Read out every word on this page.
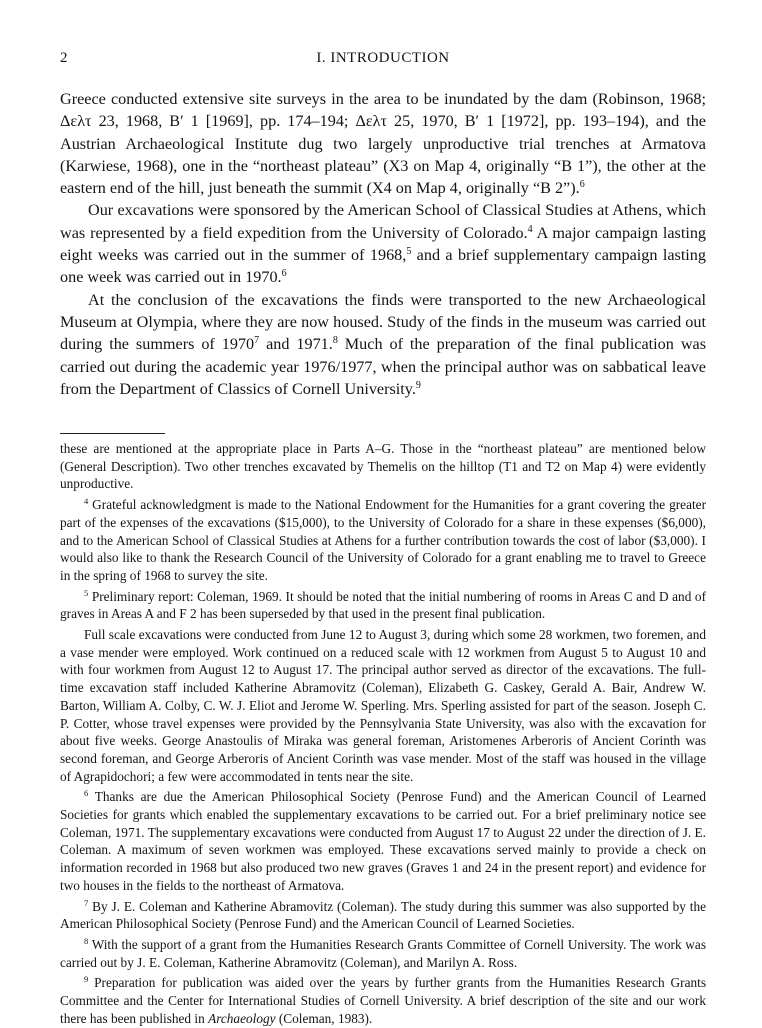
2	I. INTRODUCTION

Greece conducted extensive site surveys in the area to be inundated by the dam (Robinson, 1968; Δελτ 23, 1968, Β′ 1 [1969], pp. 174–194; Δελτ 25, 1970, Β′ 1 [1972], pp. 193–194), and the Austrian Archaeological Institute dug two largely unproductive trial trenches at Armatova (Karwiese, 1968), one in the “northeast plateau” (X3 on Map 4, originally “B 1”), the other at the eastern end of the hill, just beneath the summit (X4 on Map 4, originally “B 2”).$^6$

Our excavations were sponsored by the American School of Classical Studies at Athens, which was represented by a field expedition from the University of Colorado.$^4$ A major campaign lasting eight weeks was carried out in the summer of 1968,$^5$ and a brief supplementary campaign lasting one week was carried out in 1970.$^6$

At the conclusion of the excavations the finds were transported to the new Archaeological Museum at Olympia, where they are now housed. Study of the finds in the museum was carried out during the summers of 1970$^7$ and 1971.$^8$ Much of the preparation of the final publication was carried out during the academic year 1976/1977, when the principal author was on sabbatical leave from the Department of Classics of Cornell University.$^9$

these are mentioned at the appropriate place in Parts A–G. Those in the “northeast plateau” are mentioned below (General Description). Two other trenches excavated by Themelis on the hilltop (T1 and T2 on Map 4) were evidently unproductive.

$^4$ Grateful acknowledgment is made to the National Endowment for the Humanities for a grant covering the greater part of the expenses of the excavations ($15,000), to the University of Colorado for a share in these expenses ($6,000), and to the American School of Classical Studies at Athens for a further contribution towards the cost of labor ($3,000). I would also like to thank the Research Council of the University of Colorado for a grant enabling me to travel to Greece in the spring of 1968 to survey the site.

$^5$ Preliminary report: Coleman, 1969. It should be noted that the initial numbering of rooms in Areas C and D and of graves in Areas A and F 2 has been superseded by that used in the present final publication.

Full scale excavations were conducted from June 12 to August 3, during which some 28 workmen, two foremen, and a vase mender were employed. Work continued on a reduced scale with 12 workmen from August 5 to August 10 and with four workmen from August 12 to August 17. The principal author served as director of the excavations. The full-time excavation staff included Katherine Abramovitz (Coleman), Elizabeth G. Caskey, Gerald A. Bair, Andrew W. Barton, William A. Colby, C. W. J. Eliot and Jerome W. Sperling. Mrs. Sperling assisted for part of the season. Joseph C. P. Cotter, whose travel expenses were provided by the Pennsylvania State University, was also with the excavation for about five weeks. George Anastoulis of Miraka was general foreman, Aristomenes Arberoris of Ancient Corinth was second foreman, and George Arberoris of Ancient Corinth was vase mender. Most of the staff was housed in the village of Agrapidochori; a few were accommodated in tents near the site.

$^6$ Thanks are due the American Philosophical Society (Penrose Fund) and the American Council of Learned Societies for grants which enabled the supplementary excavations to be carried out. For a brief preliminary notice see Coleman, 1971. The supplementary excavations were conducted from August 17 to August 22 under the direction of J. E. Coleman. A maximum of seven workmen was employed. These excavations served mainly to provide a check on information recorded in 1968 but also produced two new graves (Graves 1 and 24 in the present report) and evidence for two houses in the fields to the northeast of Armatova.

$^7$ By J. E. Coleman and Katherine Abramovitz (Coleman). The study during this summer was also supported by the American Philosophical Society (Penrose Fund) and the American Council of Learned Societies.

$^8$ With the support of a grant from the Humanities Research Grants Committee of Cornell University. The work was carried out by J. E. Coleman, Katherine Abramovitz (Coleman), and Marilyn A. Ross.

$^9$ Preparation for publication was aided over the years by further grants from the Humanities Research Grants Committee and the Center for International Studies of Cornell University. A brief description of the site and our work there has been published in Archaeology (Coleman, 1983).
